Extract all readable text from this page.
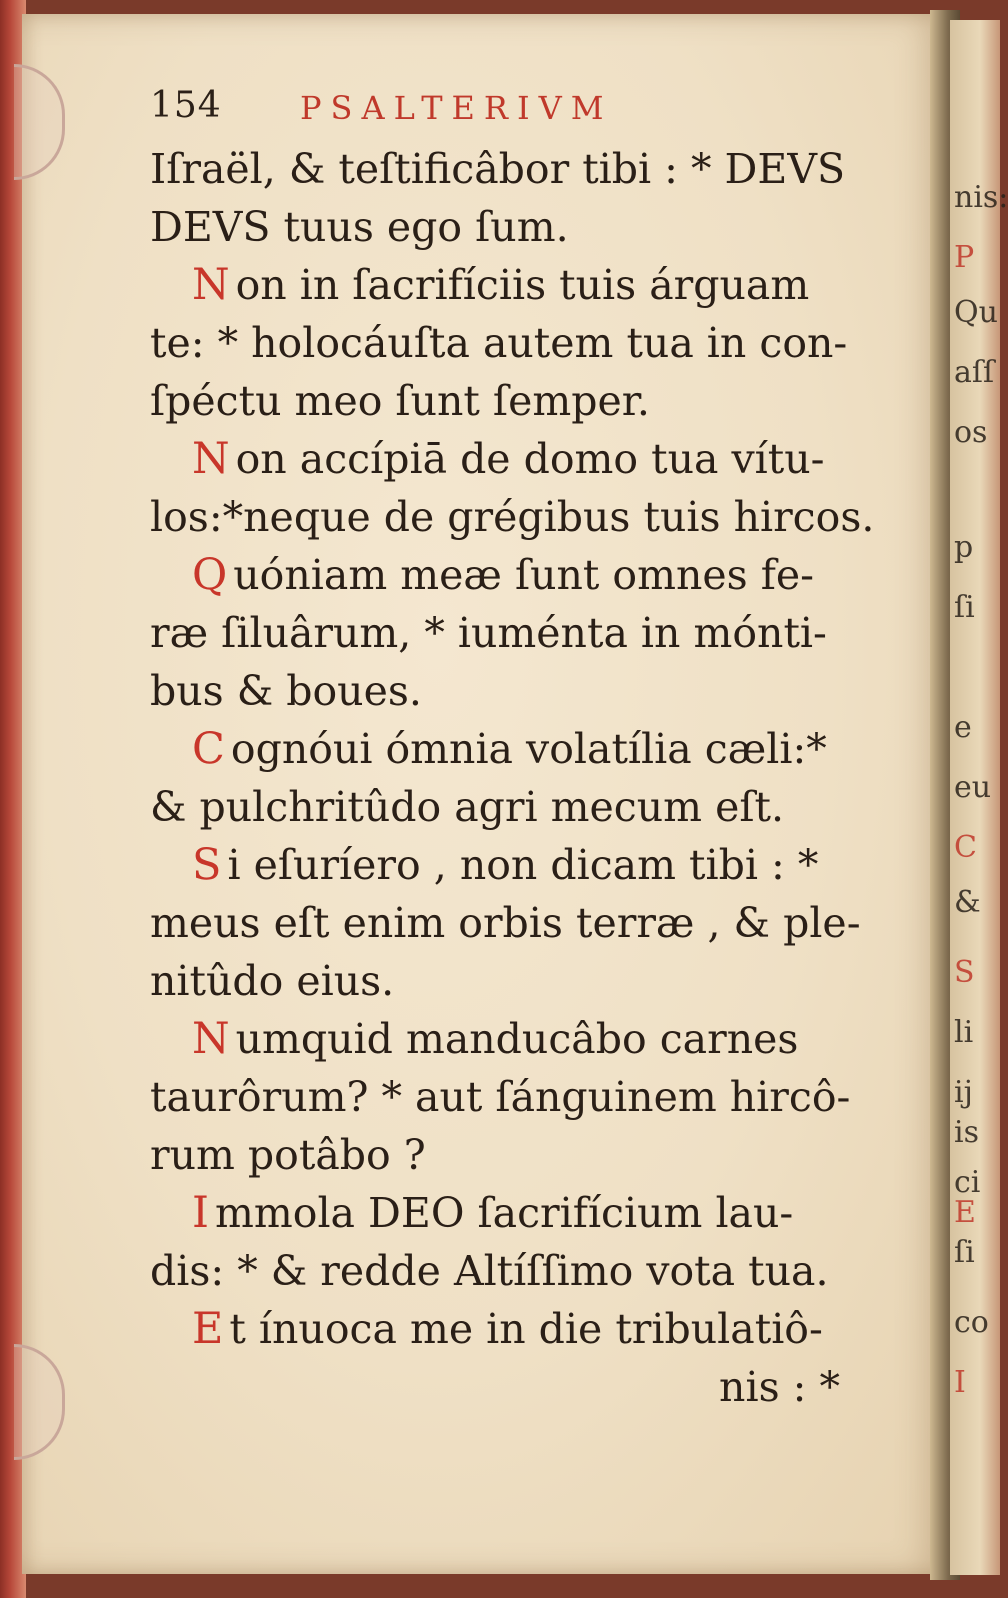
nis:
P
Qu
aſſ
os
p
ſi
e
eu
C
&
S
li
ij
is
ci
E
ſi
co
I
154 PSALTERIVM
Iſraël, & teſtificâbor tibi : * DEVS
DEVS tuus ego ſum.
N on in ſacrifíciis tuis árguam
te: * holocáuſta autem tua in con-
ſpéctu meo ſunt ſemper.
N on accípiā de domo tua vítu-
los:*neque de grégibus tuis hircos.
Q uóniam meæ ſunt omnes fe-
ræ ſiluârum, * iuménta in mónti-
bus & boues.
C ognóui ómnia volatília cæli:*
& pulchritûdo agri mecum eſt.
S i eſuríero , non dicam tibi : *
meus eſt enim orbis terræ , & ple-
nitûdo eius.
N umquid manducâbo carnes
taurôrum? * aut ſánguinem hircô-
rum potâbo ?
I mmola DEO ſacrifícium lau-
dis: * & redde Altíſſimo vota tua.
E t ínuoca me in die tribulatiô-
nis : *
